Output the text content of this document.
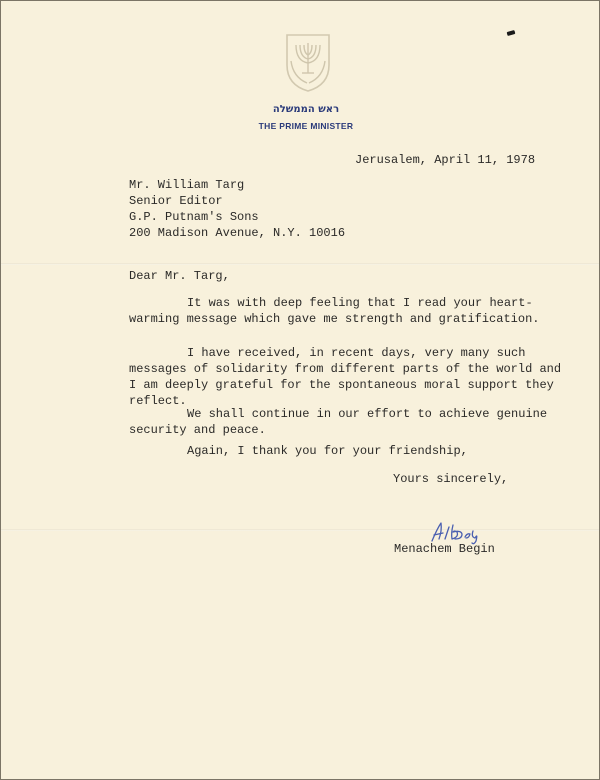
ראש הממשלה
THE PRIME MINISTER
Jerusalem, April 11, 1978
Mr. William Targ
Senior Editor
G.P. Putnam's Sons
200 Madison Avenue, N.Y. 10016
Dear Mr. Targ,
It was with deep feeling that I read your heart-
warming message which gave me strength and gratification.
I have received, in recent days, very many such
messages of solidarity from different parts of the world and
I am deeply grateful for the spontaneous moral support they
reflect.
We shall continue in our effort to achieve genuine
security and peace.
Again, I thank you for your friendship,
Yours sincerely,
Menachem Begin
